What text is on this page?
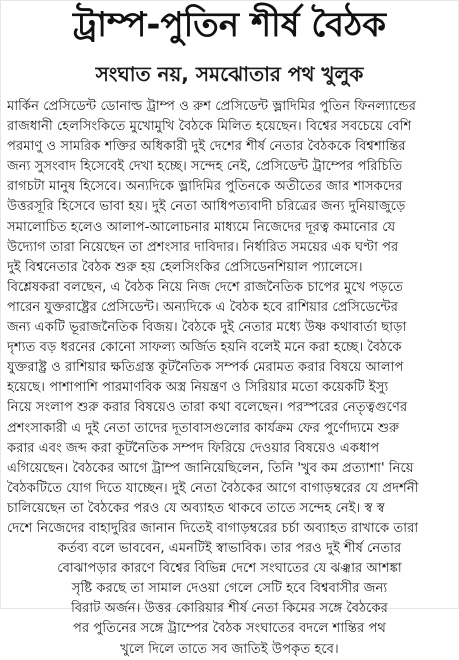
ট্রাম্প-পুতিন শীর্ষ বৈঠক
সংঘাত নয়, সমঝোতার পথ খুলুক
মার্কিন প্রেসিডেন্ট ডোনাল্ড ট্রাম্প ও রুশ প্রেসিডেন্ট ভ্লাদিমির পুতিন ফিনল্যান্ডের
রাজধানী হেলসিংকিতে মুখোমুখি বৈঠকে মিলিত হয়েছেন। বিশ্বের সবচেয়ে বেশি
পরমাণু ও সামরিক শক্তির অধিকারী দুই দেশের শীর্ষ নেতার বৈঠককে বিশ্বশান্তির
জন্য সুসংবাদ হিসেবেই দেখা হচ্ছে। সন্দেহ নেই, প্রেসিডেন্ট ট্রাম্পের পরিচিতি
রাগচটা মানুষ হিসেবে। অন্যদিকে ভ্লাদিমির পুতিনকে অতীতের জার শাসকদের
উত্তরসূরি হিসেবে ভাবা হয়। দুই নেতা আধিপত্যবাদী চরিত্রের জন্য দুনিয়াজুড়ে
সমালোচিত হলেও আলাপ-আলোচনার মাধ্যমে নিজেদের দূরত্ব কমানোর যে
উদ্যোগ তারা নিয়েছেন তা প্রশংসার দাবিদার। নির্ধারিত সময়ের এক ঘণ্টা পর
দুই বিশ্বনেতার বৈঠক শুরু হয় হেলসিংকির প্রেসিডেনশিয়াল প্যালেসে।
বিশ্লেষকরা বলছেন, এ বৈঠক নিয়ে নিজ দেশে রাজনৈতিক চাপের মুখে পড়তে
পারেন যুক্তরাষ্ট্রের প্রেসিডেন্ট। অন্যদিকে এ বৈঠক হবে রাশিয়ার প্রেসিডেন্টের
জন্য একটি ভূরাজনৈতিক বিজয়। বৈঠকে দুই নেতার মধ্যে উষ্ণ কথাবার্তা ছাড়া
দৃশ্যত বড় ধরনের কোনো সাফল্য অর্জিত হয়নি বলেই মনে করা হচ্ছে। বৈঠকে
যুক্তরাষ্ট্র ও রাশিয়ার ক্ষতিগ্রস্ত কূটনৈতিক সম্পর্ক মেরামত করার বিষয়ে আলাপ
হয়েছে। পাশাপাশি পারমাণবিক অস্ত্র নিয়ন্ত্রণ ও সিরিয়ার মতো কয়েকটি ইস্যু
নিয়ে সংলাপ শুরু করার বিষয়েও তারা কথা বলেছেন। পরস্পরের নেতৃত্বগুণের
প্রশংসাকারী এ দুই নেতা তাদের দূতাবাসগুলোর কার্যক্রম ফের পুর্ণোদ্যমে শুরু
করার এবং জব্দ করা কূটনৈতিক সম্পদ ফিরিয়ে দেওয়ার বিষয়েও একধাপ
এগিয়েছেন। বৈঠকের আগে ট্রাম্প জানিয়েছিলেন, তিনি 'খুব কম প্রত্যাশা' নিয়ে
বৈঠকটিতে যোগ দিতে যাচ্ছেন। দুই নেতা বৈঠকের আগে বাগাড়ম্বরের যে প্রদর্শনী
চালিয়েছেন তা বৈঠকের পরও যে অব্যাহত থাকবে তাতে সন্দেহ নেই। স্ব স্ব
দেশে নিজেদের বাহাদুরির জানান দিতেই বাগাড়ম্বরের চর্চা অব্যাহত রাখাকে তারা
কর্তব্য বলে ভাববেন, এমনটিই স্বাভাবিক। তার পরও দুই শীর্ষ নেতার
বোঝাপড়ার কারণে বিশ্বের বিভিন্ন দেশে সংঘাতের যে ঝঞ্ঝার আশঙ্কা
সৃষ্টি করছে তা সামাল দেওয়া গেলে সেটি হবে বিশ্ববাসীর জন্য
বিরাট অর্জন। উত্তর কোরিয়ার শীর্ষ নেতা কিমের সঙ্গে বৈঠকের
পর পুতিনের সঙ্গে ট্রাম্পের বৈঠক সংঘাতের বদলে শান্তির পথ
খুলে দিলে তাতে সব জাতিই উপকৃত হবে।
